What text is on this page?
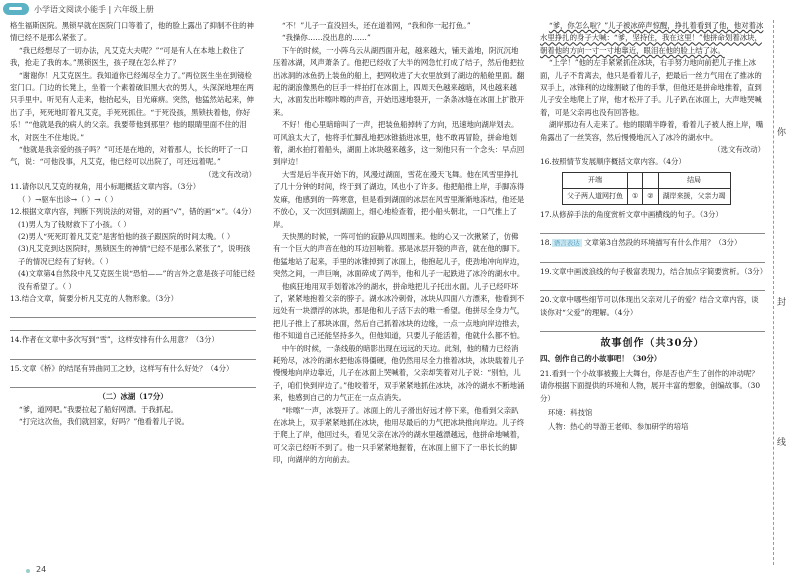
小学语文阅读小能手 | 六年级上册

格生福斯医院。黑锁早就在医院门口等着了，他的脸上露出了抑制不住的神情已经不是那么紧张了。

“我已经想尽了一切办法，凡艾克大夫呢？”“可是有人在本地上救住了我，抢走了我的本。”黑锁医生，孩子现在怎么样了？

“谢谢你！凡艾克医生。我知道你已经竭尽全力了。”两位医生坐在到镜检室门口。门边的长凳上，坐着一个素着破旧黑大衣的男人，头深深地埋在两只手里中。听见有人走来，他抬起头，目光麻痹。突然，他猛然站起来，伸出了手，死死地盯着凡艾克，手死死抓住。“于死没孩，黑锁扶着他，你好乐！”“他就是我的病人的父亲。我要带他到那里？他的眼睛里面不住的泪水，对医生不住地说。”

“他就是我亲爱的孩子吗？”可还是在地的，对着那人，长长的吁了一口气，说：“可他没事，凡艾克，他已经可以出院了，可还远着呢。”

（选文有改动）

11.请你以凡艾克的视角，用小标题概括文章内容。（3分）

（ ）→驱车出诊→（ ）→（ ）

12.根据文章内容，判断下列说法的对错，对的画“√”，错的画“×”。（4分）

(1)男人为了钱财救下了小孩。（ ）

(2)男人“死死盯着凡艾克”是害怕他的孩子跟医院的时间太晚。（ ）

(3)凡艾克到达医院时，黑锁医生的神情“已经不是那么紧张了”，说明孩子的情况已经有了好转。（ ）

(4)文章第4自然段中凡艾克医生说“恐怕——”的言外之意是孩子可能已经没有希望了。（ ）

13.结合文章，简要分析凡艾克的人物形象。（3分）

14.作者在文章中多次写到“雪”，这样安排有什么用意？（3分）

15.文章《桥》的结尾有异曲同工之妙，这样写有什么好处？（4分）

（二）冰湖（17分）

“爹，道网吧。”我要拉起了船好网漂。于我抓起。

“打完这次鱼，我们就回家，好吗？”他看着儿子说。

“不！”儿子一直没回头，还在道着网，“我和你一起打鱼。”

“我操你……没出息的……”

下午的时候，一小阵乌云从湖西面升起，越来越大，铺天盖地，阴沉沉地压着冰湖，风声萧条了。他把已经收了大半的网急忙打成了结子，然后他把拉出冰洞的冰鱼扔上装鱼的船上，把网收进了大衣里放到了湖边的船舱里面。翻起的湖浪像黑色的巨手一样拍打在冰面上，四周天色越来越暗，风也越来越大，冰面发出咔嚓咔嚓的声音，开始迅速地裂开，一条条冰缝在冰面上扩散开来。

不好！他心里暗暗叫了一声，把装鱼船掉转了方向，迅速地向湖岸划去。可风浪太大了，他将手忙脚乱地把冰锥插进冰里，他不敢再冒险，拼命地划着，湖水拍打着船头，湖面上冰块越来越多，这一刻他只有一个念头：早点回到岸边！

大雪是后半夜开始下的，风漫过湖面，雪花在漫天飞舞。他在风雪里挣扎了几十分钟的时间，终于到了湖边，风也小了许多。他把船推上岸，手脚冻得发麻，他感到的一阵寒意，但是看到湖面的冰层在风雪里渐渐地冻结，他还是不放心，又一次回到湖面上，细心地检查着，把小船头朝北，一口气推上了岸。

天快黑的时候，一阵可怕的寂静从四周围来。他的心又一次揪紧了，仿佛有一个巨大的声音在他的耳边回响着。那是冰层开裂的声音，就在他的脚下。他猛地站了起来，手里的冰锥掉到了冰面上，他抱起儿子，使劲地冲向岸边，突然之间，一声巨响，冰面碎成了两半，他和儿子一起跌进了冰冷的湖水中。

他疯狂地用双手划着冰冷的湖水，拼命地把儿子托出水面。儿子已经吓坏了，紧紧地抱着父亲的脖子。湖水冰冷刺骨，冰块从四面八方漂来，他看到不远处有一块漂浮的冰块，那是他和儿子活下去的唯一希望。他拼尽全身力气，把儿子推上了那块冰面，然后自己抓着冰块的边缘，一点一点地向岸边推去，他不知道自己还能坚持多久，但他知道，只要儿子能活着，他就什么都不怕。

中午的时候，一条线般的暗影出现在远远的天边。此刻，他的精力已经消耗殆尽，冰冷的湖水把他冻得僵硬，他仍然用尽全力推着冰块，冰块载着儿子慢慢地向岸边靠近，儿子在冰面上哭喊着，父亲却笑着对儿子说：“别怕，儿子，咱们快到岸边了。”他咬着牙，双手紧紧地抓住冰块，冰冷的湖水不断地涌来，他感到自己的力气正在一点点消失。

“咔嚓”一声，冰裂开了。冰面上的儿子滑出好远才停下来，他看到父亲趴在冰块上，双手紧紧地抓住冰块，他用尽最后的力气把冰块推向岸边。儿子终于爬上了岸，他回过头，看见父亲在冰冷的湖水里越漂越远，他拼命地喊着，可父亲已经听不到了。他一只手紧紧地握着，在冰面上留下了一串长长的脚印，向湖岸的方向前去。

“爹，你怎么啦？”儿子被冰碎声惊醒，挣扎着看到了他，他对着冰水里挣扎的身子大喊：“爹，坚持住，我在这里！”他拼命划着冰块，朝着他的方向一寸一寸地靠近，眼泪在他的脸上结了冰。

“上学！”他的左手紧紧抓住冰块，右手努力地向前把儿子推上冰面，儿子不肯离去，他只是看着儿子，把最后一丝力气用在了推冰的双手上，冰锋利的边缘割破了他的手掌，但他还是拼命地推着，直到儿子安全地爬上了岸，他才松开了手。儿子趴在冰面上，大声地哭喊着，可是父亲再也没有回答他。

湖岸那边有人走来了。他的眼睛半睁着，看着儿子被人抱上岸，嘴角露出了一丝笑容，然后慢慢地沉入了冰冷的湖水中。

（选文有改动）

16.按照情节发展顺序概括文章内容。（4分）

开端			结局
父子两人道网打鱼	①	②	湖岸来援，父亲力竭

17.从修辞手法的角度赏析文章中画横线的句子。（3分）

18. 语言表达 文章第3自然段的环境描写有什么作用？（3分）

19.文章中画波浪线的句子极富表现力，结合加点字简要赏析。（3分）

20.文章中哪些细节可以体现出父亲对儿子的爱？结合文章内容，谈谈你对“父爱”的理解。（4分）

故事创作（共30分）

四、创作自己的小故事吧！（30分）

21.看到一个小故事被搬上大舞台，你是否也产生了创作的冲动呢？请你根据下面提供的环境和人物，展开丰富的想象，创编故事。（30分）

环境：科技馆

人物：热心的导游王老师、参加研学的培培

你
封
线
24
